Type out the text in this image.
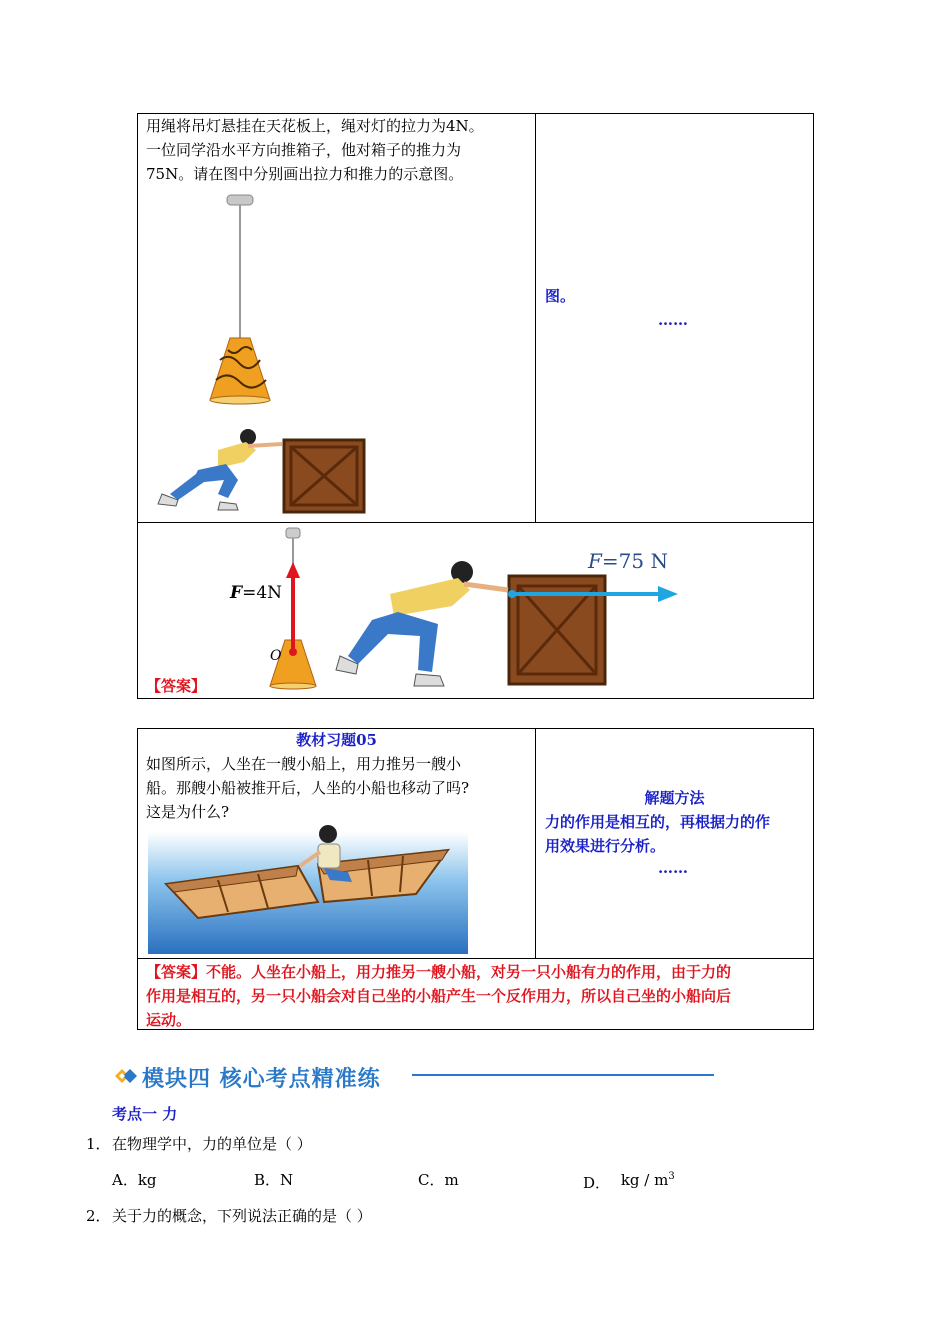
用绳将吊灯悬挂在天花板上，绳对灯的拉力为4N。
一位同学沿水平方向推箱子，他对箱子的推力为
75N。请在图中分别画出拉力和推力的示意图。
图。
……
F=4N
O
F=75 N
【答案】
教材习题05
如图所示，人坐在一艘小船上，用力推另一艘小
船。那艘小船被推开后，人坐的小船也移动了吗?
这是为什么?
解题方法
力的作用是相互的，再根据力的作
用效果进行分析。
……
【答案】不能。人坐在小船上，用力推另一艘小船，对另一只小船有力的作用，由于力的
作用是相互的，另一只小船会对自己坐的小船产生一个反作用力，所以自己坐的小船向后
运动。
模块四 核心考点精准练
考点一 力
1． 在物理学中，力的单位是（ ）
A．kg	B．N	C．m	D． kg / $m^3$
2． 关于力的概念，下列说法正确的是（ ）
